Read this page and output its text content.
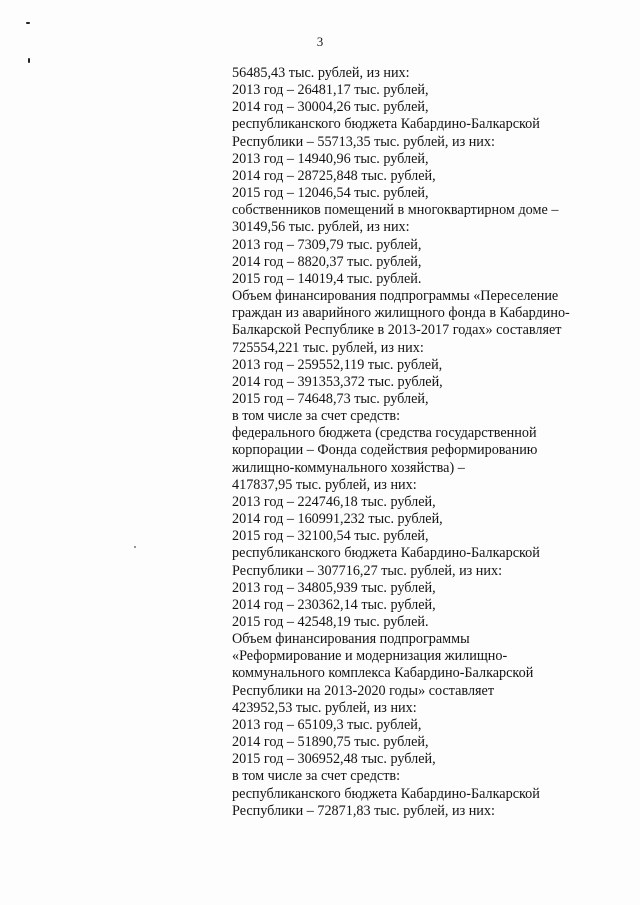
3
56485,43 тыс. рублей, из них:
2013 год – 26481,17 тыс. рублей,
2014 год – 30004,26 тыс. рублей,
республиканского бюджета Кабардино-Балкарской
Республики – 55713,35 тыс. рублей, из них:
2013 год – 14940,96 тыс. рублей,
2014 год – 28725,848 тыс. рублей,
2015 год – 12046,54 тыс. рублей,
собственников помещений в многоквартирном доме –
30149,56 тыс. рублей, из них:
2013 год – 7309,79 тыс. рублей,
2014 год – 8820,37 тыс. рублей,
2015 год – 14019,4 тыс. рублей.
Объем финансирования подпрограммы «Переселение
граждан из аварийного жилищного фонда в Кабардино-
Балкарской Республике в 2013-2017 годах» составляет
725554,221 тыс. рублей, из них:
2013 год – 259552,119 тыс. рублей,
2014 год – 391353,372 тыс. рублей,
2015 год – 74648,73 тыс. рублей,
в том числе за счет средств:
федерального бюджета (средства государственной
корпорации – Фонда содействия реформированию
жилищно-коммунального хозяйства) –
417837,95 тыс. рублей, из них:
2013 год – 224746,18 тыс. рублей,
2014 год – 160991,232 тыс. рублей,
2015 год – 32100,54 тыс. рублей,
республиканского бюджета Кабардино-Балкарской
Республики – 307716,27 тыс. рублей, из них:
2013 год – 34805,939 тыс. рублей,
2014 год – 230362,14 тыс. рублей,
2015 год – 42548,19 тыс. рублей.
Объем финансирования подпрограммы
«Реформирование и модернизация жилищно-
коммунального комплекса Кабардино-Балкарской
Республики на 2013-2020 годы» составляет
423952,53 тыс. рублей, из них:
2013 год – 65109,3 тыс. рублей,
2014 год – 51890,75 тыс. рублей,
2015 год – 306952,48 тыс. рублей,
в том числе за счет средств:
республиканского бюджета Кабардино-Балкарской
Республики – 72871,83 тыс. рублей, из них:
